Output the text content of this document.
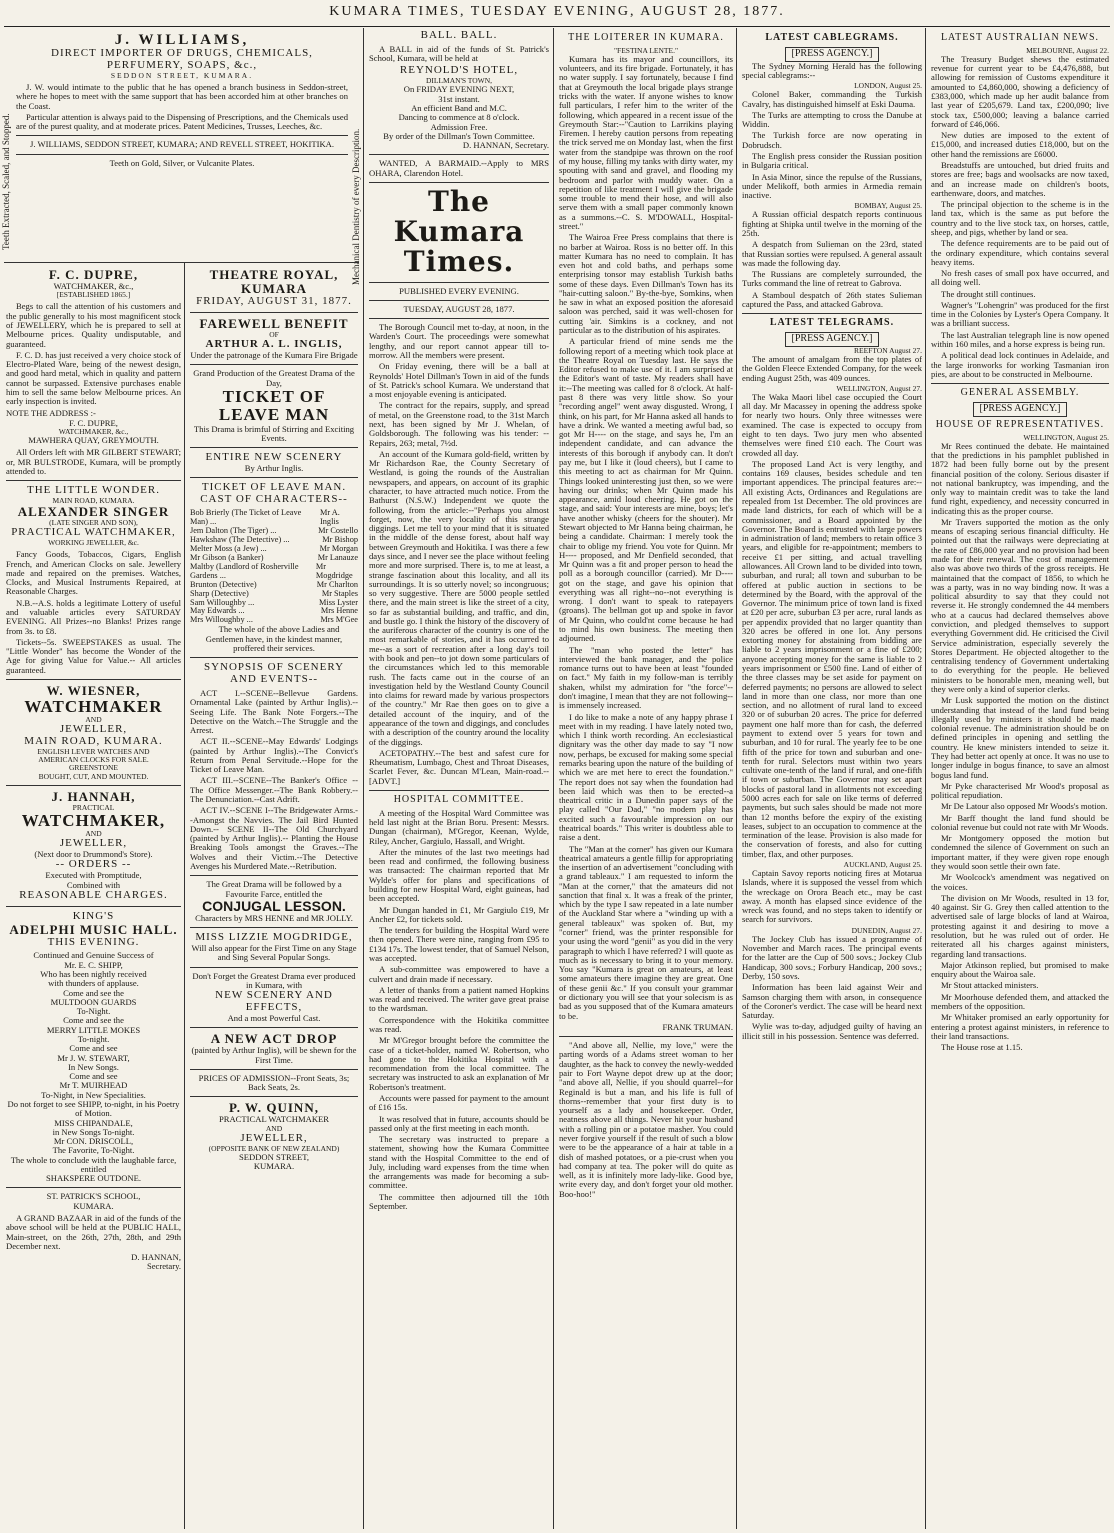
KUMARA TIMES, TUESDAY EVENING, AUGUST 28, 1877.
Teeth Extracted, Scaled, and Stopped.	Mechanical Dentistry of every Description.
J. WILLIAMS,
DIRECT IMPORTER OF DRUGS, CHEMICALS,
PERFUMERY, SOAPS, &c.,
SEDDON STREET, KUMARA.

J. W. would intimate to the public that he has opened a branch business in Seddon-street, where he hopes to meet with the same support that has been accorded him at other branches on the Coast.

Particular attention is always paid to the Dispensing of Prescriptions, and the Chemicals used are of the purest quality, and at moderate prices. Patent Medicines, Trusses, Leeches, &c.

J. WILLIAMS, SEDDON STREET, KUMARA; AND REVELL STREET, HOKITIKA.
Teeth on Gold, Silver, or Vulcanite Plates.
F. C. DUPRE,
WATCHMAKER, &c.,
[ESTABLISHED 1865.]

Begs to call the attention of his customers and the public generally to his most magnificent stock of JEWELLERY, which he is prepared to sell at Melbourne prices. Quality undisputable, and guaranteed.

F. C. D. has just received a very choice stock of Electro-Plated Ware, being of the newest design, and good hard metal, which in quality and pattern cannot be surpassed. Extensive purchases enable him to sell the same below Melbourne prices. An early inspection is invited.

NOTE THE ADDRESS :-
F. C. DUPRE,
WATCHMAKER, &c.,
MAWHERA QUAY, GREYMOUTH.

All Orders left with MR GILBERT STEWART; or, MR BULSTRODE, Kumara, will be promptly attended to.

THE LITTLE WONDER.
MAIN ROAD, KUMARA.
ALEXANDER SINGER
(LATE SINGER AND SON),
PRACTICAL WATCHMAKER,
WORKING JEWELLER, &c.

Fancy Goods, Tobaccos, Cigars, English French, and American Clocks on sale. Jewellery made and repaired on the premises. Watches, Clocks, and Musical Instruments Repaired, at Reasonable Charges.

N.B.--A.S. holds a legitimate Lottery of useful and valuable articles every SATURDAY EVENING. All Prizes--no Blanks! Prizes range from 3s. to £8.

Tickets--5s. SWEEPSTAKES as usual. The "Little Wonder" has become the Wonder of the Age for giving Value for Value.-- All articles guaranteed.

W. WIESNER,
WATCHMAKER
AND
JEWELLER,
MAIN ROAD, KUMARA.
ENGLISH LEVER WATCHES AND
AMERICAN CLOCKS FOR SALE.
GREENSTONE
BOUGHT, CUT, AND MOUNTED.
J. HANNAH,
PRACTICAL
WATCHMAKER,
AND
JEWELLER,
(Next door to Drummond's Store).
-- ORDERS --
Executed with Promptitude,
Combined with
REASONABLE CHARGES.
KING'S
ADELPHI MUSIC HALL.
THIS EVENING.
Continued and Genuine Success of
Mr. E. C. SHIPP,
Who has been nightly received
with thunders of applause.
Come and see the
MULTDOON GUARDS
To-Night.
Come and see the
MERRY LITTLE MOKES
To-night.
Come and see
Mr J. W. STEWART,
In New Songs.
Come and see
Mr T. MUIRHEAD
To-Night, in New Specialities.
Do not forget to see SHIPP, to-night, in his Poetry of Motion.
MISS CHIPANDALE,
in New Songs To-night.
Mr CON. DRISCOLL,
The Favorite, To-Night.
The whole to conclude with the laughable farce, entitled
SHAKSPERE OUTDONE.
ST. PATRICK'S SCHOOL,
KUMARA.

A GRAND BAZAAR in aid of the funds of the above school will be held at the PUBLIC HALL, Main-street, on the 26th, 27th, 28th, and 29th December next.

D. HANNAN,
Secretary.
THEATRE ROYAL, KUMARA
FRIDAY, AUGUST 31, 1877.
FAREWELL BENEFIT
OF
ARTHUR A. L. INGLIS,
Under the patronage of the Kumara Fire Brigade
Grand Production of the Greatest Drama of the Day,
TICKET OF LEAVE MAN
This Drama is brimful of Stirring and Exciting Events.
ENTIRE NEW SCENERY
By Arthur Inglis.
TICKET OF LEAVE MAN.
CAST OF CHARACTERS--
Bob Brierly (The Ticket of Leave Man) ...
Mr A. Inglis
Jem Dalton (The Tiger) ...	Mr Costello
Hawkshaw (The Detective) ...	Mr Bishop
Melter Moss (a Jew) ...	Mr Morgan
Mr Gibson (a Banker)	Mr Lanauze
Maltby (Landlord of Rosherville Gardens ...
Mr Mogdridge
Brunton (Detective)	Mr Charlton
Sharp (Detective)	Mr Staples
Sam Willoughby ...	Miss Lyster
May Edwards ...	Mrs Henne
Mrs Willoughby ...	Mrs M'Gee

The whole of the above Ladies and Gentlemen have, in the kindest manner, proffered their services.

SYNOPSIS OF SCENERY AND EVENTS--

ACT I.--SCENE--Bellevue Gardens. Ornamental Lake (painted by Arthur Inglis).--Seeing Life. The Bank Note Forgers.--The Detective on the Watch.--The Struggle and the Arrest.

ACT II.--SCENE--May Edwards' Lodgings (painted by Arthur Inglis).--The Convict's Return from Penal Servitude.--Hope for the Ticket of Leave Man.

ACT III.--SCENE--The Banker's Office --The Office Messenger.--The Bank Robbery.--The Denunciation.--Cast Adrift.

ACT IV.--SCENE I--The Bridgewater Arms.--Amongst the Navvies. The Jail Bird Hunted Down.-- SCENE II--The Old Churchyard (painted by Arthur Inglis).-- Planting the House Breaking Tools amongst the Graves.--The Wolves and their Victim.--The Detective Avenges his Murdered Mate.--Retribution.

The Great Drama will be followed by a Favourite Farce, entitled the
CONJUGAL LESSON.
Characters by MRS HENNE and MR JOLLY.
MISS LIZZIE MOGDRIDGE,
Will also appear for the First Time on any Stage and Sing Several Popular Songs.
Don't Forget the Greatest Drama ever produced in Kumara, with
NEW SCENERY AND EFFECTS,
And a most Powerful Cast.
A NEW ACT DROP
(painted by Arthur Inglis), will be shewn for the First Time.
PRICES OF ADMISSION--Front Seats, 3s; Back Seats, 2s.
P. W. QUINN,
PRACTICAL WATCHMAKER
AND
JEWELLER,
(OPPOSITE BANK OF NEW ZEALAND)
SEDDON STREET,
KUMARA.
BALL. BALL.

A BALL in aid of the funds of St. Patrick's School, Kumara, will be held at

REYNOLD'S HOTEL,
DILLMAN'S TOWN,
On FRIDAY EVENING NEXT,
31st instant.
An efficient Band and M.C.
Dancing to commence at 8 o'clock.
Admission Free.
By order of the Dillman's Town Committee.
D. HANNAN, Secretary.

WANTED, A BARMAID.--Apply to MRS OHARA, Clarendon Hotel.

The Kumara Times.
PUBLISHED EVERY EVENING.
TUESDAY, AUGUST 28, 1877.

The Borough Council met to-day, at noon, in the Warden's Court. The proceedings were somewhat lengthy, and our report cannot appear till to-morrow. All the members were present.

On Friday evening, there will be a ball at Reynolds' Hotel Dillman's Town in aid of the funds of St. Patrick's school Kumara. We understand that a most enjoyable evening is anticipated.

The contract for the repairs, supply, and spread of metal, on the Greenstone road, to the 31st March next, has been signed by Mr J. Whelan, of Goldsborough. The following was his tender: --Repairs, 263; metal, 7½d.

An account of the Kumara gold-field, written by Mr Richardson Rae, the County Secretary of Westland, is going the rounds of the Australian newspapers, and appears, on account of its graphic character, to have attracted much notice. From the Bathurst (N.S.W.) Independent we quote the following, from the article:--"Perhaps you almost forget, now, the very locality of this strange diggings. Let me tell to your mind that it is situated in the middle of the dense forest, about half way between Greymouth and Hokitika. I was there a few days since, and I never see the place without feeling more and more surprised. There is, to me at least, a strange fascination about this locality, and all its surroundings. It is so utterly novel; so incongruous; so very suggestive. There are 5000 people settled there, and the main street is like the street of a city, so far as substantial building, and traffic, and din, and bustle go. I think the history of the discovery of the auriferous character of the country is one of the most remarkable of stories, and it has occurred to me--as a sort of recreation after a long day's toil with book and pen--to jot down some particulars of the circumstances which led to this memorable rush. The facts came out in the course of an investigation held by the Westland County Council into claims for reward made by various prospectors of the country." Mr Rae then goes on to give a detailed account of the inquiry, and of the appearance of the town and diggings, and concludes with a description of the country around the locality of the diggings.

ACETOPATHY.--The best and safest cure for Rheumatism, Lumbago, Chest and Throat Diseases, Scarlet Fever, &c. Duncan M'Lean, Main-road.--[ADVT.]

HOSPITAL COMMITTEE.

A meeting of the Hospital Ward Committee was held last night at the Brian Boru. Present: Messrs. Dungan (chairman), M'Gregor, Keenan, Wylde, Riley, Ancher, Gargiulo, Hassall, and Wright.

After the minutes of the last two meetings had been read and confirmed, the following business was transacted: The chairman reported that Mr Wylde's offer for plans and specifications of building for new Hospital Ward, eight guineas, had been accepted.

Mr Dungan handed in £1, Mr Gargiulo £19, Mr Ancher £2, for tickets sold.

The tenders for building the Hospital Ward were then opened. There were nine, ranging from £95 to £134 17s. The lowest tender, that of Samuel Nelson, was accepted.

A sub-committee was empowered to have a culvert and drain made if necessary.

A letter of thanks from a patient named Hopkins was read and received. The writer gave great praise to the wardsman.

Correspondence with the Hokitika committee was read.

Mr M'Gregor brought before the committee the case of a ticket-holder, named W. Robertson, who had gone to the Hokitika Hospital with a recommendation from the local committee. The secretary was instructed to ask an explanation of Mr Robertson's treatment.

Accounts were passed for payment to the amount of £16 15s.

It was resolved that in future, accounts should be passed only at the first meeting in each month.

The secretary was instructed to prepare a statement, showing how the Kumara Committee stand with the Hospital Committee to the end of July, including ward expenses from the time when the arrangements was made for becoming a sub-committee.

The committee then adjourned till the 10th September.

THE LOITERER IN KUMARA.
"FESTINA LENTE."

Kumara has its mayor and councillors, its volunteers, and its fire brigade. Fortunately, it has no water supply. I say fortunately, because I find that at Greymouth the local brigade plays strange tricks with the water. If anyone wishes to know full particulars, I refer him to the writer of the following, which appeared in a recent issue of the Greymouth Star:--"Caution to Larrikins playing Firemen. I hereby caution persons from repeating the trick served me on Monday last, when the first water from the standpipe was thrown on the roof of my house, filling my tanks with dirty water, my spouting with sand and gravel, and flooding my bedroom and parlor with muddy water. On a repetition of like treatment I will give the brigade some trouble to mend their hose, and will also serve them with a small paper commonly known as a summons.--C. S. M'DOWALL, Hospital-street."

The Wairoa Free Press complains that there is no barber at Wairoa. Ross is no better off. In this matter Kumara has no need to complain. It has even hot and cold baths, and perhaps some enterprising tonsor may establish Turkish baths some of these days. Even Dillman's Town has its "hair-cutting saloon." By-the-bye, Somkins, when he saw in what an exposed position the aforesaid saloon was perched, said it was well-chosen for cutting 'air. Simkins is a cockney, and not particular as to the distribution of his aspirates.

A particular friend of mine sends me the following report of a meeting which took place at the Theatre Royal on Tuesday last. He says the Editor refused to make use of it. I am surprised at the Editor's want of taste. My readers shall have it:--The meeting was called for 8 o'clock. At half-past 8 there was very little show. So your "recording angel" went away disgusted. Wrong, I think, on his part, for Mr Hanna asked all hands to have a drink. We wanted a meeting awful bad, so got Mr H---- on the stage, and says he, I'm an independent candidate, and can advance the interests of this borough if anybody can. It don't pay me, but I like it (loud cheers), but I came to this meeting to act as chairman for Mr Quinn. Things looked uninteresting just then, so we were having our drinks; when Mr Quinn made his appearance, amid loud cheering. He got on the stage, and said: Your interests are mine, boys; let's have another whisky (cheers for the shouter). Mr Stewart objected to Mr Hanna being chairman, he being a candidate. Chairman: I merely took the chair to oblige my friend. You vote for Quinn. Mr H---- proposed, and Mr Denfield seconded, that Mr Quinn was a fit and proper person to head the poll as a borough councillor (carried). Mr D---- got on the stage, and gave his opinion that everything was all right--no--not everything is wrong. I don't want to speak to ratepayers (groans). The bellman got up and spoke in favor of Mr Quinn, who could'nt come because he had to mind his own business. The meeting then adjourned.

The "man who posted the letter" has interviewed the bank manager, and the police romance turns out to have been at least "founded on fact." My faith in my follow-man is terribly shaken, whilst my admiration for "the force"--don't imagine, I mean that they are not following--is immensely increased.

I do like to make a note of any happy phrase I meet with in my reading. I have lately noted two, which I think worth recording. An ecclesiastical dignitary was the other day made to say "I now now, perhaps, be excused for making some special remarks bearing upon the nature of the building of which we are met here to erect the foundation." The report does not say when the foundation had been laid which was then to be erected--a theatrical critic in a Dunedin paper says of the play called "Our Dad," "no modern play has excited such a favourable impression on our theatrical boards." This writer is doubtless able to raise a dent.

The "Man at the corner" has given our Kumara theatrical amateurs a gentle fillip for appropriating the insertion of an advertisement "concluding with a grand tableaux." I am requested to inform the "Man at the corner," that the amateurs did not sanction that final x. It was a freak of the printer, which by the type I saw repeated in a late number of the Auckland Star where a "winding up with a general tableaux" was spoken of. But, my "corner" friend, was the printer responsible for your using the word "genii" as you did in the very paragraph to which I have referred? I will quote as much as is necessary to bring it to your memory. You say "Kumara is great on amateurs, at least some amateurs there imagine they are great. One of these genii &c." If you consult your grammar or dictionary you will see that your solecism is as bad as you supposed that of the Kumara amateurs to be.

FRANK TRUMAN.

"And above all, Nellie, my love," were the parting words of a Adams street woman to her daughter, as the hack to convey the newly-wedded pair to Fort Wayne depot drew up at the door; "and above all, Nellie, if you should quarrel--for Reginald is but a man, and his life is full of thorns--remember that your first duty is to yourself as a lady and housekeeper. Order, neatness above all things. Never hit your husband with a rolling pin or a potatoe masher. You could never forgive yourself if the result of such a blow were to be the appearance of a hair at table in a dish of mashed potatoes, or a pie-crust when you had company at tea. The poker will do quite as well, as it is infinitely more lady-like. Good bye, write every day, and don't forget your old mother. Boo-hoo!"

LATEST CABLEGRAMS.
[PRESS AGENCY.]

The Sydney Morning Herald has the following special cablegrams:--

LONDON, August 25.

Colonel Baker, commanding the Turkish Cavalry, has distinguished himself at Eski Dauma.

The Turks are attempting to cross the Danube at Widdin.

The Turkish force are now operating in Dobrudsch.

The English press consider the Russian position in Bulgaria critical.

In Asia Minor, since the repulse of the Russians, under Melikoff, both armies in Armedia remain inactive.

BOMBAY, August 25.

A Russian official despatch reports continuous fighting at Shipka until twelve in the morning of the 25th.

A despatch from Sulieman on the 23rd, stated that Russian sorties were repulsed. A general assault was made the following day.

The Russians are completely surrounded, the Turks command the line of retreat to Gabrova.

A Stamboul despatch of 26th states Sulieman captured the Pass, and attacked Gabrova.

LATEST TELEGRAMS.
[PRESS AGENCY.]
REEFTON August 27.

The amount of amalgam from the top plates of the Golden Fleece Extended Company, for the week ending August 25th, was 409 ounces.

WELLINGTON, August 27.

The Waka Maori libel case occupied the Court all day. Mr Macassey in opening the address spoke for nearly two hours. Only three witnesses were examined. The case is expected to occupy from eight to ten days. Two jury men who absented themselves were fined £10 each. The Court was crowded all day.

The proposed Land Act is very lengthy, and contains 169 clauses, besides schedule and ten important appendices. The principal features are:--All existing Acts, Ordinances and Regulations are repealed from 1st December. The old provinces are made land districts, for each of which will be a commissioner, and a Board appointed by the Governor. The Board is entrusted with large powers in administration of land; members to retain office 3 years, and eligible for re-appointment; members to receive £1 per sitting, and actual travelling allowances. All Crown land to be divided into town, suburban, and rural; all town and suburban to be offered at public auction in sections to be determined by the Board, with the approval of the Governor. The minimum price of town land is fixed at £20 per acre, suburban £3 per acre, rural lands as per appendix provided that no larger quantity than 320 acres be offered in one lot. Any persons extorting money for abstaining from bidding are liable to 2 years imprisonment or a fine of £200; anyone accepting money for the same is liable to 2 years imprisonment or £500 fine. Land of either of the three classes may be set aside for payment on deferred payments; no persons are allowed to select land in more than one class, nor more than one section, and no allotment of rural land to exceed 320 or of suburban 20 acres. The price for deferred payment one half more than for cash, the deferred payment to extend over 5 years for town and suburban, and 10 for rural. The yearly fee to be one fifth of the price for town and suburban and one-tenth for rural. Selectors must within two years cultivate one-tenth of the land if rural, and one-fifth if town or suburban. The Governor may set apart blocks of pastoral land in allotments not exceeding 5000 acres each for sale on like terms of deferred payments, but such sales should be made not more than 12 months before the expiry of the existing leases, subject to an occupation to commence at the termination of the lease. Provision is also made for the conservation of forests, and also for cutting timber, flax, and other purposes.

AUCKLAND, August 25.

Captain Savoy reports noticing fires at Motarua Islands, where it is supposed the vessel from which the wreckage on Orora Beach etc., may be cast away. A month has elapsed since evidence of the wreck was found, and no steps taken to identify or search for survivors.

DUNEDIN, August 27.

The Jockey Club has issued a programme of November and March races. The principal events for the latter are the Cup of 500 sovs.; Jockey Club Handicap, 300 sovs.; Forbury Handicap, 200 sovs.; Derby, 150 sovs.

Information has been laid against Weir and Samson charging them with arson, in consequence of the Coroner's verdict. The case will be heard next Saturday.

Wylie was to-day, adjudged guilty of having an illicit still in his possession. Sentence was deferred.

LATEST AUSTRALIAN NEWS.
MELBOURNE, August 22.

The Treasury Budget shews the estimated revenue for current year to be £4,476,888, but allowing for remission of Customs expenditure it amounted to £4,860,000, showing a deficiency of £383,000, which made up her audit balance from last year of £205,679. Land tax, £200,090; live stock tax, £500,000; leaving a balance carried forward of £46,066.

New duties are imposed to the extent of £15,000, and increased duties £18,000, but on the other hand the remissions are £6000.

Breadstuffs are untouched, but dried fruits and stores are free; bags and woolsacks are now taxed, and an increase made on children's boots, earthenware, doors, and matches.

The principal objection to the scheme is in the land tax, which is the same as put before the country and to the live stock tax, on horses, cattle, sheep, and pigs, whether by land or sea.

The defence requirements are to be paid out of the ordinary expenditure, which contains several heavy items.

No fresh cases of small pox have occurred, and all doing well.

The drought still continues.

Wagner's "Lohengrin" was produced for the first time in the Colonies by Lyster's Opera Company. It was a brilliant success.

The last Australian telegraph line is now opened within 160 miles, and a horse express is being run.

A political dead lock continues in Adelaide, and the large ironworks for working Tasmanian iron pies, are about to be constructed in Melbourne.

GENERAL ASSEMBLY.
[PRESS AGENCY.]
HOUSE OF REPRESENTATIVES.
WELLINGTON, August 25.

Mr Rees continued the debate. He maintained that the predictions in his pamphlet published in 1872 had been fully borne out by the present financial position of the colony. Serious disaster if not national bankruptcy, was impending, and the only way to maintain credit was to take the land fund right, expediency, and necessity concurred in indicating this as the proper course.

Mr Travers supported the motion as the only means of escaping serious financial difficulty. He pointed out that the railways were depreciating at the rate of £86,000 year and no provision had been made for their renewal. The cost of management also was above two thirds of the gross receipts. He maintained that the compact of 1856, to which he was a party, was in no way binding now. It was a political absurdity to say that they could not reverse it. He strongly condemned the 44 members who at a caucus had declared themselves above conviction, and pledged themselves to support everything Government did. He criticised the Civil Service administration, especially severely the Stores Department. He objected altogether to the centralising tendency of Government undertaking to do everything for the people. He believed ministers to be honorable men, meaning well, but they were only a kind of superior clerks.

Mr Lusk supported the motion on the distinct understanding that instead of the land fund being illegally used by ministers it should be made colonial revenue. The administration should be on defined principles in opening and settling the country. He knew ministers intended to seize it. They had better act openly at once. It was no use to longer indulge in bogus finance, to save an almost bogus land fund.

Mr Pyke characterised Mr Wood's proposal as political repudiation.

Mr De Latour also opposed Mr Woods's motion.

Mr Barff thought the land fund should be colonial revenue but could not rate with Mr Woods.

Mr Montgomery opposed the motion but condemned the silence of Government on such an important matter, if they were given rope enough they would soon settle their own fate.

Mr Woolcock's amendment was negatived on the voices.

The division on Mr Woods, resulted in 13 for, 40 against. Sir G. Grey then called attention to the advertised sale of large blocks of land at Wairoa, protesting against it and desiring to move a resolution, but he was ruled out of order. He reiterated all his charges against ministers, regarding land transactions.

Major Atkinson replied, but promised to make enquiry about the Wairoa sale.

Mr Stout attacked ministers.

Mr Moorhouse defended them, and attacked the members of the opposition.

Mr Whitaker promised an early opportunity for entering a protest against ministers, in reference to their land transactions.

The House rose at 1.15.
